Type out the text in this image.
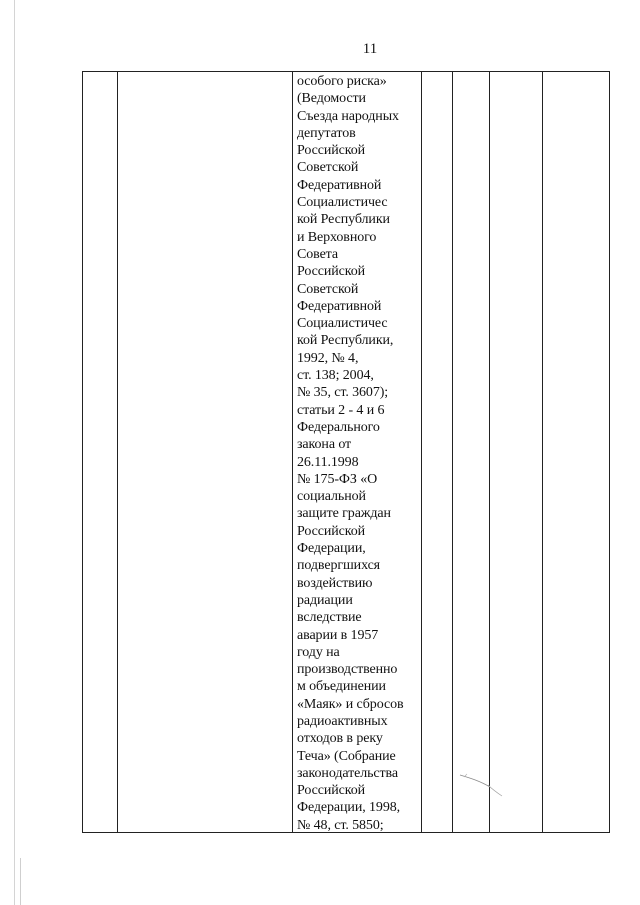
11
особого риска»
(Ведомости
Съезда народных
депутатов
Российской
Советской
Федеративной
Социалистичес
кой Республики
и Верховного
Совета
Российской
Советской
Федеративной
Социалистичес
кой Республики,
1992, № 4,
ст. 138; 2004,
№ 35, ст. 3607);
статьи 2 - 4 и 6
Федерального
закона от
26.11.1998
№ 175-ФЗ «О
социальной
защите граждан
Российской
Федерации,
подвергшихся
воздействию
радиации
вследствие
аварии в 1957
году на
производственно
м объединении
«Маяк» и сбросов
радиоактивных
отходов в реку
Теча» (Собрание
законодательства
Российской
Федерации, 1998,
№ 48, ст. 5850;
